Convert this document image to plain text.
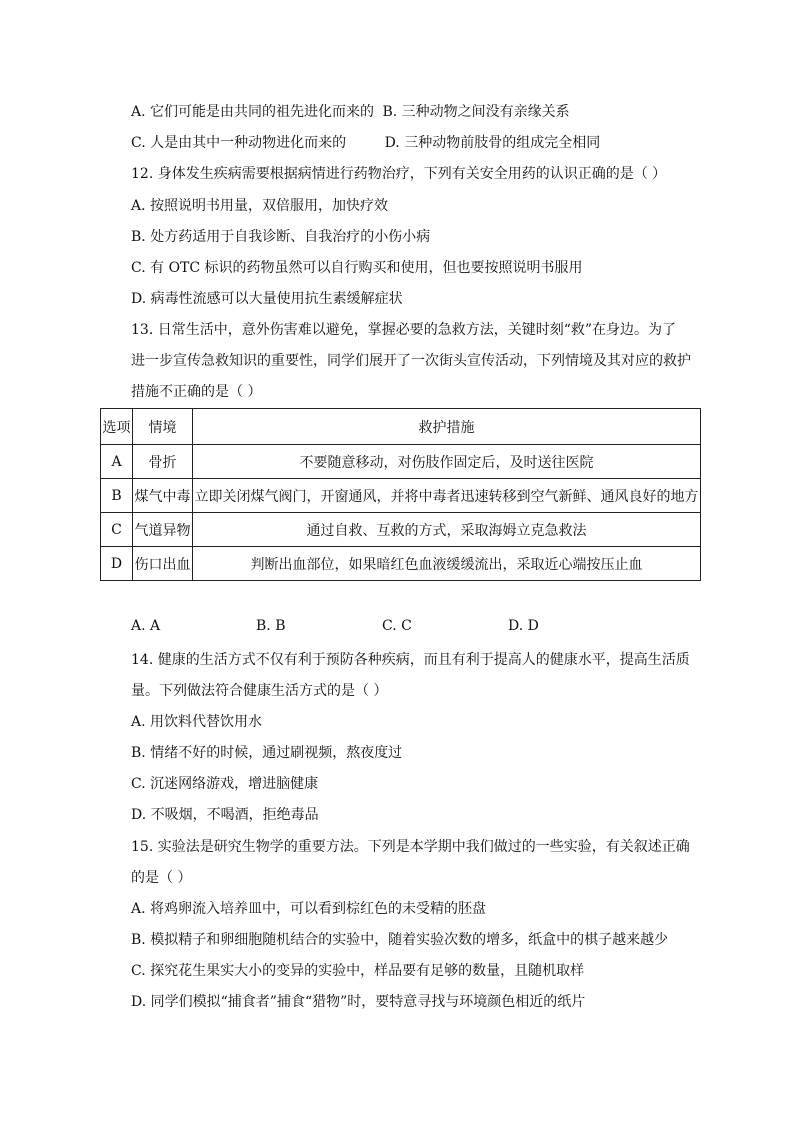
A. 它们可能是由共同的祖先进化而来的 B. 三种动物之间没有亲缘关系
C. 人是由其中一种动物进化而来的	D. 三种动物前肢骨的组成完全相同
12. 身体发生疾病需要根据病情进行药物治疗，下列有关安全用药的认识正确的是（ ）
A. 按照说明书用量，双倍服用，加快疗效
B. 处方药适用于自我诊断、自我治疗的小伤小病
C. 有 OTC 标识的药物虽然可以自行购买和使用，但也要按照说明书服用
D. 病毒性流感可以大量使用抗生素缓解症状
13. 日常生活中，意外伤害难以避免，掌握必要的急救方法，关键时刻“救”在身边。为了
进一步宣传急救知识的重要性，同学们展开了一次街头宣传活动，下列情境及其对应的救护
措施不正确的是（ ）
选项	情境	救护措施
A	骨折	不要随意移动，对伤肢作固定后，及时送往医院
B	煤气中毒	立即关闭煤气阀门，开窗通风，并将中毒者迅速转移到空气新鲜、通风良好的地方
C	气道异物	通过自救、互救的方式，采取海姆立克急救法
D	伤口出血	判断出血部位，如果暗红色血液缓缓流出，采取近心端按压止血
A. A	B. B	C. C	D. D
14. 健康的生活方式不仅有利于预防各种疾病，而且有利于提高人的健康水平，提高生活质
量。下列做法符合健康生活方式的是（ ）
A. 用饮料代替饮用水
B. 情绪不好的时候，通过刷视频，熬夜度过
C. 沉迷网络游戏，增进脑健康
D. 不吸烟，不喝酒，拒绝毒品
15. 实验法是研究生物学的重要方法。下列是本学期中我们做过的一些实验，有关叙述正确
的是（ ）
A. 将鸡卵流入培养皿中，可以看到棕红色的未受精的胚盘
B. 模拟精子和卵细胞随机结合的实验中，随着实验次数的增多，纸盒中的棋子越来越少
C. 探究花生果实大小的变异的实验中，样品要有足够的数量，且随机取样
D. 同学们模拟“捕食者”捕食“猎物”时，要特意寻找与环境颜色相近的纸片
